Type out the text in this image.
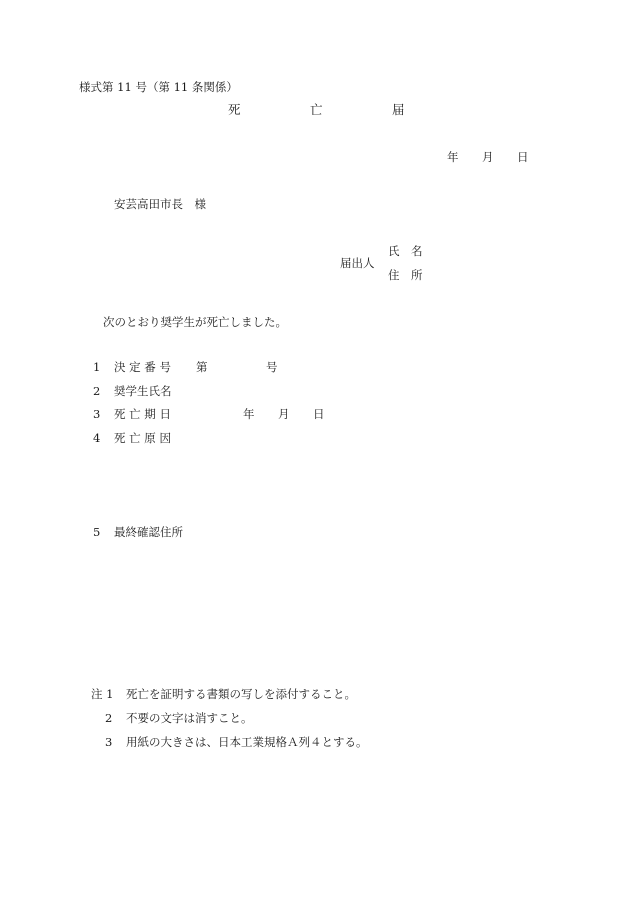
様式第 11 号（第 11 条関係）
死	亡	届
年 月 日
安芸高田市長　様
氏　名
届出人
住　所
次のとおり奨学生が死亡しました。
1 決 定 番 号 第	号
2 奨学生氏名
3 死 亡 期 日	年 月 日
4 死 亡 原 因
5 最終確認住所
注 1 死亡を証明する書類の写しを添付すること。
2 不要の文字は消すこと。
3 用紙の大きさは、日本工業規格Ａ列４とする。
